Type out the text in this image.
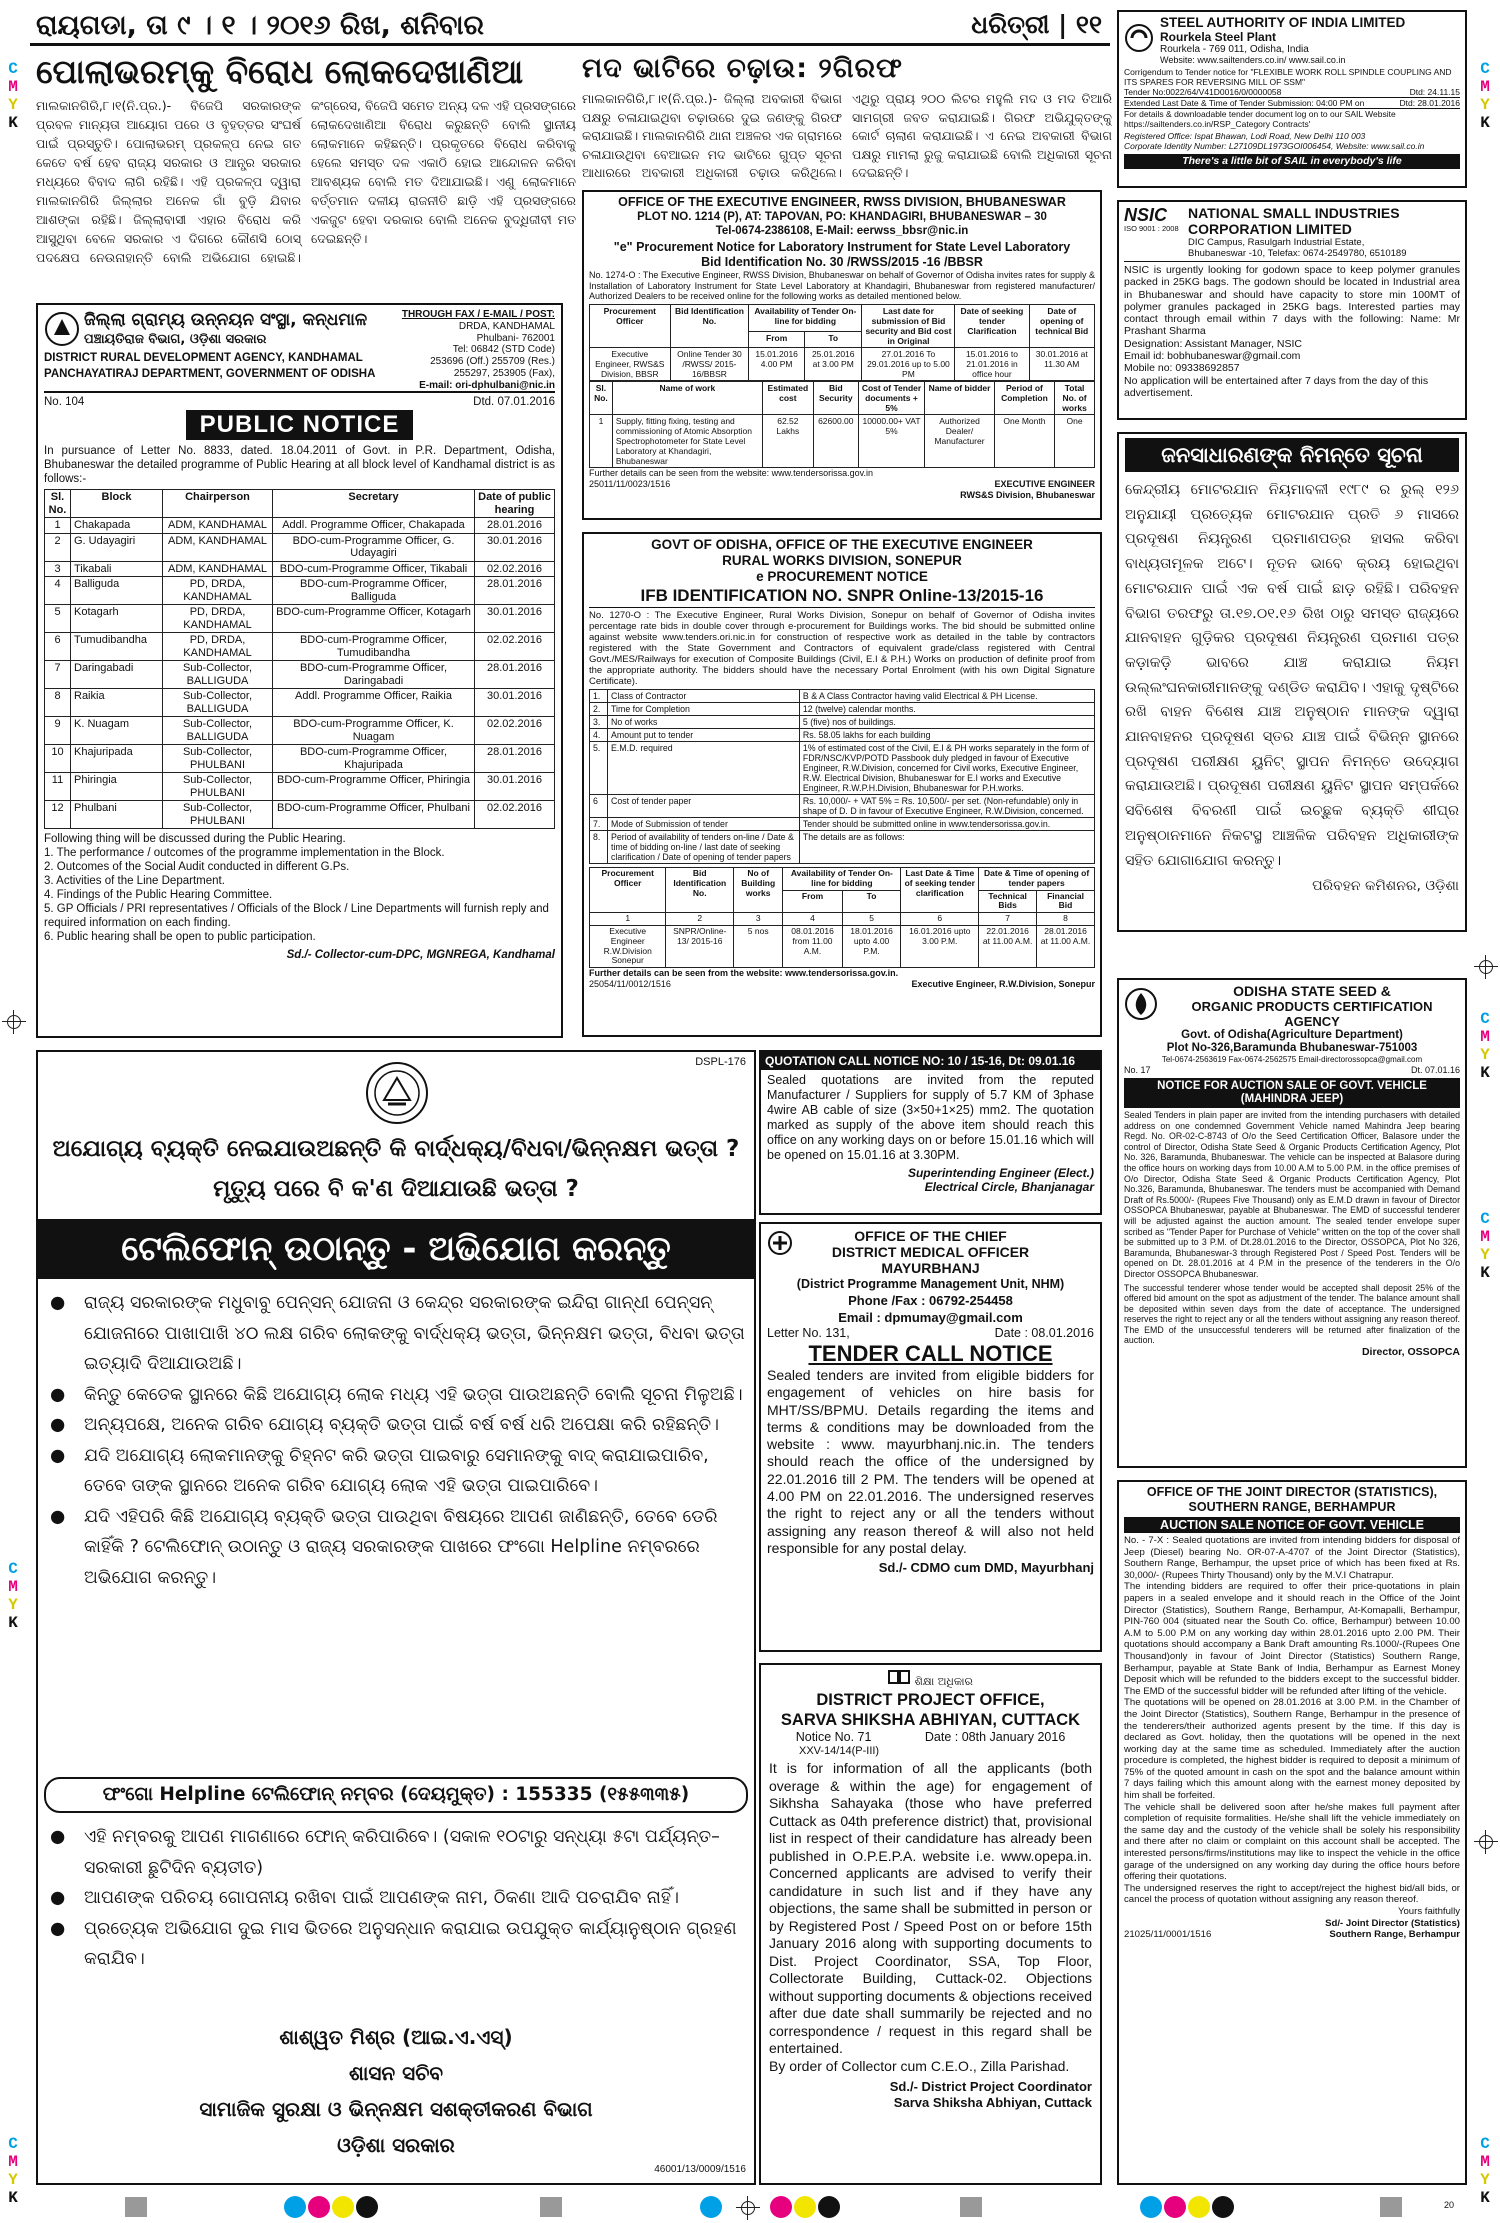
ରାୟଗଡା, ତା ୯ । ୧ । ୨୦୧୬ ରିଖ, ଶନିବାର	ଧରିତ୍ରୀ | ୧୧
C
M
Y
K
C
M
Y
K
C
M
Y
K
C
M
Y
K
C
M
Y
K
C
M
Y
K
C
M
Y
K
ପୋଲାଭରମ୍‌କୁ ବିରୋଧ ଲୋକଦେଖାଣିଆ
ମାଲକାନଗିରି,୮।୧(ନି.ପ୍ର.)- ବିଜେପି ସରକାରଙ୍କ ପ୍ରବଳ ମାନ୍ୟତା ଆୟୋଗ ପରେ ଓ ବୃହତ୍ତର ସଂଘର୍ଷ ପାଇଁ ପ୍ରସ୍ତୁତି। ପୋଲାଭରମ୍ ପ୍ରକଳ୍ପ ନେଇ ଗତ କେତେ ବର୍ଷ ହେବ ରାଜ୍ୟ ସରକାର ଓ ଆନ୍ଧ୍ର ସରକାର ମଧ୍ୟରେ ବିବାଦ ଲାଗି ରହିଛି। ଏହି ପ୍ରକଳ୍ପ ଦ୍ୱାରା ମାଲକାନଗିରି ଜିଲ୍ଲାର ଅନେକ ଗାଁ ବୁଡ଼ି ଯିବାର ଆଶଙ୍କା ରହିଛି। ଜିଲ୍ଲାବାସୀ ଏହାର ବିରୋଧ କରି ଆସୁଥିବା ବେଳେ ସରକାର ଏ ଦିଗରେ କୌଣସି ଠୋସ୍ ପଦକ୍ଷେପ ନେଉନାହାନ୍ତି ବୋଲି ଅଭିଯୋଗ ହୋଇଛି। କଂଗ୍ରେସ, ବିଜେପି ସମେତ ଅନ୍ୟ ଦଳ ଏହି ପ୍ରସଙ୍ଗରେ ଲୋକଦେଖାଣିଆ ବିରୋଧ କରୁଛନ୍ତି ବୋଲି ସ୍ଥାନୀୟ ଲୋକମାନେ କହିଛନ୍ତି। ପ୍ରକୃତରେ ବିରୋଧ କରିବାକୁ ହେଲେ ସମସ୍ତ ଦଳ ଏକାଠି ହୋଇ ଆନ୍ଦୋଳନ କରିବା ଆବଶ୍ୟକ ବୋଲି ମତ ଦିଆଯାଇଛି। ଏଣୁ ଲୋକମାନେ ବର୍ତ୍ତମାନ ଦଳୀୟ ରାଜନୀତି ଛାଡ଼ି ଏହି ପ୍ରସଙ୍ଗରେ ଏକଜୁଟ ହେବା ଦରକାର ବୋଲି ଅନେକ ବୁଦ୍ଧିଜୀବୀ ମତ ଦେଇଛନ୍ତି।
ମଦ ଭାଟିରେ ଚଢ଼ାଉ: ୨ଗିରଫ
ମାଲକାନଗିରି,୮।୧(ନି.ପ୍ର.)- ଜିଲ୍ଲା ଅବକାରୀ ବିଭାଗ ପକ୍ଷରୁ ଚଳାଯାଇଥିବା ଚଢ଼ାଉରେ ଦୁଇ ଜଣଙ୍କୁ ଗିରଫ କରାଯାଇଛି। ମାଲକାନଗିରି ଥାନା ଅଞ୍ଚଳର ଏକ ଗ୍ରାମରେ ଚଳାଯାଉଥିବା ବେଆଇନ ମଦ ଭାଟିରେ ଗୁପ୍ତ ସୂଚନା ଆଧାରରେ ଅବକାରୀ ଅଧିକାରୀ ଚଢ଼ାଉ କରିଥିଲେ। ଏଥିରୁ ପ୍ରାୟ ୨୦୦ ଲିଟର ମହୁଲି ମଦ ଓ ମଦ ତିଆରି ସାମଗ୍ରୀ ଜବତ କରାଯାଇଛି। ଗିରଫ ଅଭିଯୁକ୍ତଙ୍କୁ କୋର୍ଟ ଚାଲାଣ କରାଯାଇଛି। ଏ ନେଇ ଅବକାରୀ ବିଭାଗ ପକ୍ଷରୁ ମାମଲା ରୁଜୁ କରାଯାଇଛି ବୋଲି ଅଧିକାରୀ ସୂଚନା ଦେଇଛନ୍ତି।
ଜିଲ୍ଲା ଗ୍ରାମ୍ୟ ଉନ୍ନୟନ ସଂସ୍ଥା, କନ୍ଧମାଳ
ପଞ୍ଚାୟତିରାଜ ବିଭାଗ, ଓଡ଼ିଶା ସରକାର
DISTRICT RURAL DEVELOPMENT AGENCY, KANDHAMAL
PANCHAYATIRAJ DEPARTMENT, GOVERNMENT OF ODISHA
THROUGH FAX / E-MAIL / POST:
DRDA, KANDHAMAL
Phulbani- 762001
Tel: 06842 (STD Code)
253696 (Off.) 255709 (Res.)
255297, 253905 (Fax),
E-mail: ori-dphulbani@nic.in
No. 104	Dtd. 07.01.2016
PUBLIC NOTICE
In pursuance of Letter No. 8833, dated. 18.04.2011 of Govt. in P.R. Department, Odisha, Bhubaneswar the detailed programme of Public Hearing at all block level of Kandhamal district is as follows:-
Sl. No.	Block	Chairperson	Secretary	Date of public hearing
1	Chakapada	ADM, KANDHAMAL	Addl. Programme Officer, Chakapada	28.01.2016
2	G. Udayagiri	ADM, KANDHAMAL	BDO-cum-Programme Officer, G. Udayagiri	30.01.2016
3	Tikabali	ADM, KANDHAMAL	BDO-cum-Programme Officer, Tikabali	02.02.2016
4	Balliguda	PD, DRDA, KANDHAMAL	BDO-cum-Programme Officer, Balliguda	28.01.2016
5	Kotagarh	PD, DRDA, KANDHAMAL	BDO-cum-Programme Officer, Kotagarh	30.01.2016
6	Tumudibandha	PD, DRDA, KANDHAMAL	BDO-cum-Programme Officer, Tumudibandha	02.02.2016
7	Daringabadi	Sub-Collector, BALLIGUDA	BDO-cum-Programme Officer, Daringabadi	28.01.2016
8	Raikia	Sub-Collector, BALLIGUDA	Addl. Programme Officer, Raikia	30.01.2016
9	K. Nuagam	Sub-Collector, BALLIGUDA	BDO-cum-Programme Officer, K. Nuagam	02.02.2016
10	Khajuripada	Sub-Collector, PHULBANI	BDO-cum-Programme Officer, Khajuripada	28.01.2016
11	Phiringia	Sub-Collector, PHULBANI	BDO-cum-Programme Officer, Phiringia	30.01.2016
12	Phulbani	Sub-Collector, PHULBANI	BDO-cum-Programme Officer, Phulbani	02.02.2016
Following thing will be discussed during the Public Hearing.
1. The performance / outcomes of the programme implementation in the Block.
2. Outcomes of the Social Audit conducted in different G.Ps.
3. Activities of the Line Department.
4. Findings of the Public Hearing Committee.
5. GP Officials / PRI representatives / Officials of the Block / Line Departments will furnish reply and required information on each finding.
6. Public hearing shall be open to public participation.
Sd./- Collector-cum-DPC, MGNREGA, Kandhamal
OFFICE OF THE EXECUTIVE ENGINEER, RWSS DIVISION, BHUBANESWAR
PLOT NO. 1214 (P), AT: TAPOVAN, PO: KHANDAGIRI, BHUBANESWAR – 30
Tel-0674-2386108, E-Mail: eerwss_bbsr@nic.in
"e" Procurement Notice for Laboratory Instrument for State Level Laboratory
Bid Identification No. 30 /RWSS/2015 -16 /BBSR
No. 1274-O : The Executive Engineer, RWSS Division, Bhubaneswar on behalf of Governor of Odisha invites rates for supply & Installation of Laboratory Instrument for State Level Laboratory at Khandagiri, Bhubaneswar from registered manufacturer/ Authorized Dealers to be received online for the following works as detailed mentioned below.
Procurement Officer	Bid Identification No.	Availability of Tender On-line for bidding		Last date for submission of Bid security and Bid cost in Original	Date of seeking tender Clarification	Date of opening of technical Bid
		From	To			
Executive Engineer, RWS&S Division, BBSR	Online Tender 30 /RWSS/ 2015-16/BBSR	15.01.2016 4.00 PM	25.01.2016 at 3.00 PM	27.01.2016 To 29.01.2016 up to 5.00 PM	15.01.2016 to 21.01.2016 in office hour	30.01.2016 at 11.30 AM
Sl. No.	Name of work	Estimated cost	Bid Security	Cost of Tender documents + 5%	Name of bidder	Period of Completion	Total No. of works
1	Supply, fitting fixing, testing and commissioning of Atomic Absorption Spectrophotometer for State Level Laboratory at Khandagiri, Bhubaneswar	62.52 Lakhs	62600.00	10000.00+ VAT 5%	Authorized Dealer/ Manufacturer	One Month	One
Further details can be seen from the website: www.tendersorissa.gov.in
25011/11/0023/1516	EXECUTIVE ENGINEER
RWS&S Division, Bhubaneswar
GOVT OF ODISHA, OFFICE OF THE EXECUTIVE ENGINEER
RURAL WORKS DIVISION, SONEPUR
e PROCUREMENT NOTICE
IFB IDENTIFICATION NO. SNPR Online-13/2015-16
No. 1270-O : The Executive Engineer, Rural Works Division, Sonepur on behalf of Governor of Odisha invites percentage rate bids in double cover through e-procurement for Buildings works. The bid should be submitted online against website www.tenders.ori.nic.in for construction of respective work as detailed in the table by contractors registered with the State Government and Contractors of equivalent grade/class registered with Central Govt./MES/Railways for execution of Composite Buildings (Civil, E.I & P.H.) Works on production of definite proof from the appropriate authority. The bidders should have the necessary Portal Enrolment (with his own Digital Signature Certificate).
1.	Class of Contractor	B & A Class Contractor having valid Electrical & PH License.
2.	Time for Completion	12 (twelve) calendar months.
3.	No of works	5 (five) nos of buildings.
4.	Amount put to tender	Rs. 58.05 lakhs for each building
5.	E.M.D. required	1% of estimated cost of the Civil, E.I & PH works separately in the form of FDR/NSC/KVP/POTD Passbook duly pledged in favour of Executive Engineer, R.W.Division, concerned for Civil works, Executive Engineer, R.W. Electrical Division, Bhubaneswar for E.I works and Executive Engineer, R.W.P.H.Division, Bhubaneswar for P.H.works.
6	Cost of tender paper	Rs. 10,000/- + VAT 5% = Rs. 10,500/- per set. (Non-refundable) only in shape of D. D in favour of Executive Engineer, R.W.Division, concerned.
7.	Mode of Submission of tender	Tender should be submitted online in www.tendersorissa.gov.in.
8.	Period of availability of tenders on-line / Date & time of bidding on-line / last date of seeking clarification / Date of opening of tender papers	The details are as follows:
Procurement Officer	Bid Identification No.	No of Building works	Availability of Tender On-line for bidding		Last Date & Time of seeking tender clarification	Date & Time of opening of tender papers	
			From	To		Technical Bids	Financial Bid
1	2	3	4	5	6	7	8
Executive Engineer R.W.Division Sonepur	SNPR/Online-13/ 2015-16	5 nos	08.01.2016 from 11.00 A.M.	18.01.2016 upto 4.00 P.M.	16.01.2016 upto 3.00 P.M.	22.01.2016 at 11.00 A.M.	28.01.2016 at 11.00 A.M.
Further details can be seen from the website: www.tendersorissa.gov.in.
25054/11/0012/1516	Executive Engineer, R.W.Division, Sonepur
STEEL AUTHORITY OF INDIA LIMITED
Rourkela Steel Plant
Rourkela - 769 011, Odisha, India
Website: www.sailtenders.co.in/ www.sail.co.in
Corrigendum to Tender notice for "FLEXIBLE WORK ROLL SPINDLE COUPLING AND ITS SPARES FOR REVERSING MILL OF SSM"
Tender No:0022/64/V41D0016/0/0000058	Dtd: 24.11.15
Extended Last Date & Time of Tender Submission: 04:00 PM on	Dtd: 28.01.2016
For details & downloadable tender document log on to our SAIL Website https://sailtenders.co.in/RSP_Category Contracts'
Registered Office: Ispat Bhawan, Lodi Road, New Delhi 110 003
Corporate Identity Number: L27109DL1973GOI006454, Website: www.sail.co.in
There's a little bit of SAIL in everybody's life
NSIC
ISO 9001 : 2008
NATIONAL SMALL INDUSTRIES
CORPORATION LIMITED
DIC Campus, Rasulgarh Industrial Estate,
Bhubaneswar -10, Telefax: 0674-2549780, 6510189
NSIC is urgently looking for godown space to keep polymer granules packed in 25KG bags. The godown should be located in Industrial area in Bhubaneswar and should have capacity to store min 100MT of polymer granules packaged in 25KG bags. Interested parties may contact through email within 7 days with the following: Name: Mr Prashant Sharma
Designation: Assistant Manager, NSIC
Email id: bobhubaneswar@gmail.com
Mobile no: 09338692857
No application will be entertained after 7 days from the day of this advertisement.
ଜନସାଧାରଣଙ୍କ ନିମନ୍ତେ ସୂଚନା
କେନ୍ଦ୍ରୀୟ ମୋଟରଯାନ ନିୟମାବଳୀ ୧୯୮୯ ର ରୁଲ୍ ୧୨୬ ଅନୁଯାୟୀ ପ୍ରତ୍ୟେକ ମୋଟରଯାନ ପ୍ରତି ୬ ମାସରେ ପ୍ରଦୂଷଣ ନିୟନ୍ତ୍ରଣ ପ୍ରମାଣପତ୍ର ହାସଲ କରିବା ବାଧ୍ୟତାମୂଳକ ଅଟେ। ନୂତନ ଭାବେ କ୍ରୟ ହୋଇଥିବା ମୋଟରଯାନ ପାଇଁ ଏକ ବର୍ଷ ପାଇଁ ଛାଡ଼ ରହିଛି। ପରିବହନ ବିଭାଗ ତରଫରୁ ତା.୧୭.୦୧.୧୬ ରିଖ ଠାରୁ ସମସ୍ତ ରାଜ୍ୟରେ ଯାନବାହନ ଗୁଡ଼ିକର ପ୍ରଦୂଷଣ ନିୟନ୍ତ୍ରଣ ପ୍ରମାଣ ପତ୍ର କଡ଼ାକଡ଼ି ଭାବରେ ଯାଞ୍ଚ କରାଯାଇ ନିୟମ ଉଲ୍ଲଂଘନକାରୀମାନଙ୍କୁ ଦଣ୍ଡିତ କରାଯିବ। ଏହାକୁ ଦୃଷ୍ଟିରେ ରଖି ବାହନ ବିଶେଷ ଯାଞ୍ଚ ଅନୁଷ୍ଠାନ ମାନଙ୍କ ଦ୍ୱାରା ଯାନବାହନର ପ୍ରଦୂଷଣ ସ୍ତର ଯାଞ୍ଚ ପାଇଁ ବିଭିନ୍ନ ସ୍ଥାନରେ ପ୍ରଦୂଷଣ ପରୀକ୍ଷଣ ୟୁନିଟ୍ ସ୍ଥାପନ ନିମନ୍ତେ ଉଦ୍ୟୋଗ କରାଯାଉଅଛି। ପ୍ରଦୂଷଣ ପରୀକ୍ଷଣ ୟୁନିଟ ସ୍ଥାପନ ସମ୍ପର୍କରେ ସବିଶେଷ ବିବରଣୀ ପାଇଁ ଇଚ୍ଛୁକ ବ୍ୟକ୍ତି ଶୀଘ୍ର ଅନୁଷ୍ଠାନମାନେ ନିକଟସ୍ଥ ଆଞ୍ଚଳିକ ପରିବହନ ଅଧିକାରୀଙ୍କ ସହିତ ଯୋଗାଯୋଗ କରନ୍ତୁ।
ପରିବହନ କମିଶନର, ଓଡ଼ିଶା
ODISHA STATE SEED &
ORGANIC PRODUCTS CERTIFICATION AGENCY
Govt. of Odisha(Agriculture Department)
Plot No-326,Baramunda Bhubaneswar-751003
Tel-0674-2563619 Fax-0674-2562575 Email-directorossopca@gmail.com
No. 17	Dt. 07.01.16
NOTICE FOR AUCTION SALE OF GOVT. VEHICLE (MAHINDRA JEEP)
Sealed Tenders in plain paper are invited from the intending purchasers with detailed address on one condemned Government Vehicle named Mahindra Jeep bearing Regd. No. OR-02-C-8743 of O/o the Seed Certification Officer, Balasore under the control of Director, Odisha State Seed & Organic Products Certification Agency, Plot No. 326, Baramunda, Bhubaneswar. The vehicle can be inspected at Balasore during the office hours on working days from 10.00 A.M to 5.00 P.M. in the office premises of O/o Director, Odisha State Seed & Organic Products Certification Agency, Plot No.326, Baramunda, Bhubaneswar. The tenders must be accompanied with Demand Draft of Rs.5000/- (Rupees Five Thousand) only as E.M.D drawn in favour of Director OSSOPCA Bhubaneswar, payable at Bhubaneswar. The EMD of successful tenderer will be adjusted against the auction amount. The sealed tender envelope super scribed as "Tender Paper for Purchase of Vehicle" written on the top of the cover shall be submitted up to 3 P.M. of Dt.28.01.2016 to the Director, OSSOPCA, Plot No 326, Baramunda, Bhubaneswar-3 through Registered Post / Speed Post. Tenders will be opened on Dt. 28.01.2016 at 4 P.M in the presence of the tenderers in the O/o Director OSSOPCA Bhubaneswar.
The successful tenderer whose tender would be accepted shall deposit 25% of the offered bid amount on the spot as adjustment of the tender. The balance amount shall be deposited within seven days from the date of acceptance. The undersigned reserves the right to reject any or all the tenders without assigning any reason thereof. The EMD of the unsuccessful tenderers will be returned after finalization of the auction.
Director, OSSOPCA
OFFICE OF THE JOINT DIRECTOR (STATISTICS),
SOUTHERN RANGE, BERHAMPUR
AUCTION SALE NOTICE OF GOVT. VEHICLE
No. - 7-X : Sealed quotations are invited from intending bidders for disposal of Jeep (Diesel) bearing No. OR-07-A-4707 of the Joint Director (Statistics), Southern Range, Berhampur, the upset price of which has been fixed at Rs. 30,000/- (Rupees Thirty Thousand) only by the M.V.I Chatrapur.
The intending bidders are required to offer their price-quotations in plain papers in a sealed envelope and it should reach in the Office of the Joint Director (Statistics), Southern Range, Berhampur, At-Komapalli, Berhampur, PIN-760 004 (situated near the South Co. office, Berhampur) between 10.00 A.M to 5.00 P.M on any working day within 28.01.2016 upto 2.00 PM. Their quotations should accompany a Bank Draft amounting Rs.1000/-(Rupees One Thousand)only in favour of Joint Director (Statistics) Southern Range, Berhampur, payable at State Bank of India, Berhampur as Earnest Money Deposit which will be refunded to the bidders except to the successful bidder. The EMD of the successful bidder will be refunded after lifting of the vehicle.
The quotations will be opened on 28.01.2016 at 3.00 P.M. in the Chamber of the Joint Director (Statistics), Southern Range, Berhampur in the presence of the tenderers/their authorized agents present by the time. If this day is declared as Govt. holiday, then the quotations will be opened in the next working day at the same time as scheduled. Immediately after the auction procedure is completed, the highest bidder is required to deposit a minimum of 75% of the quoted amount in cash on the spot and the balance amount within 7 days failing which this amount along with the earnest money deposited by him shall be forfeited.
The vehicle shall be delivered soon after he/she makes full payment after completion of requisite formalities. He/she shall lift the vehicle immediately on the same day and the custody of the vehicle shall be solely his responsibility and there after no claim or complaint on this account shall be accepted. The interested persons/firms/institutions may like to inspect the vehicle in the office garage of the undersigned on any working day during the office hours before offering their quotations.
The undersigned reserves the right to accept/reject the highest bid/all bids, or cancel the process of quotation without assigning any reason thereof.
Yours faithfully
Sd/- Joint Director (Statistics)
21025/11/0001/1516	Southern Range, Berhampur
DSPL-176
ଅଯୋଗ୍ୟ ବ୍ୟକ୍ତି ନେଇଯାଉଅଛନ୍ତି କି ବାର୍ଦ୍ଧକ୍ୟ/ବିଧବା/ଭିନ୍ନକ୍ଷମ ଭତ୍ତା ?
ମୃତ୍ୟୁ ପରେ ବି କ'ଣ ଦିଆଯାଉଛି ଭତ୍ତା ?
ଟେଲିଫୋନ୍ ଉଠାନ୍ତୁ - ଅଭିଯୋଗ କରନ୍ତୁ
● ରାଜ୍ୟ ସରକାରଙ୍କ ମଧୁବାବୁ ପେନ୍‌ସନ୍ ଯୋଜନା ଓ କେନ୍ଦ୍ର ସରକାରଙ୍କ ଇନ୍ଦିରା ଗାନ୍ଧୀ ପେନ୍‌ସନ୍ ଯୋଜନାରେ ପାଖାପାଖି ୪୦ ଲକ୍ଷ ଗରିବ ଲୋକଙ୍କୁ ବାର୍ଦ୍ଧକ୍ୟ ଭତ୍ତା, ଭିନ୍ନକ୍ଷମ ଭତ୍ତା, ବିଧବା ଭତ୍ତା ଇତ୍ୟାଦି ଦିଆଯାଉଅଛି।
● କିନ୍ତୁ କେତେକ ସ୍ଥାନରେ କିଛି ଅଯୋଗ୍ୟ ଲୋକ ମଧ୍ୟ ଏହି ଭତ୍ତା ପାଉଅଛନ୍ତି ବୋଲି ସୂଚନା ମିଳୁଅଛି।
● ଅନ୍ୟପକ୍ଷେ, ଅନେକ ଗରିବ ଯୋଗ୍ୟ ବ୍ୟକ୍ତି ଭତ୍ତା ପାଇଁ ବର୍ଷ ବର୍ଷ ଧରି ଅପେକ୍ଷା କରି ରହିଛନ୍ତି।
● ଯଦି ଅଯୋଗ୍ୟ ଲୋକମାନଙ୍କୁ ଚିହ୍ନଟ କରି ଭତ୍ତା ପାଇବାରୁ ସେମାନଙ୍କୁ ବାଦ୍ କରାଯାଇପାରିବ, ତେବେ ତାଙ୍କ ସ୍ଥାନରେ ଅନେକ ଗରିବ ଯୋଗ୍ୟ ଲୋକ ଏହି ଭତ୍ତା ପାଇପାରିବେ।
● ଯଦି ଏହିପରି କିଛି ଅଯୋଗ୍ୟ ବ୍ୟକ୍ତି ଭତ୍ତା ପାଉଥିବା ବିଷୟରେ ଆପଣ ଜାଣିଛନ୍ତି, ତେବେ ଡେରି କାହିଁକି ? ଟେଲିଫୋନ୍ ଉଠାନ୍ତୁ ଓ ରାଜ୍ୟ ସରକାରଙ୍କ ପାଖରେ ଫଂଗୋ Helpline ନମ୍ବରରେ ଅଭିଯୋଗ କରନ୍ତୁ।
ଫଂଗୋ Helpline ଟେଲିଫୋନ୍ ନମ୍ବର (ଦେୟମୁକ୍ତ) : 155335 (୧୫୫୩୩୫)
● ଏହି ନମ୍ବରକୁ ଆପଣ ମାଗଣାରେ ଫୋନ୍ କରିପାରିବେ। (ସକାଳ ୧୦ଟାରୁ ସନ୍ଧ୍ୟା ୫ଟା ପର୍ଯ୍ୟନ୍ତ–ସରକାରୀ ଛୁଟିଦିନ ବ୍ୟତୀତ)
● ଆପଣଙ୍କ ପରିଚୟ ଗୋପନୀୟ ରଖିବା ପାଇଁ ଆପଣଙ୍କ ନାମ, ଠିକଣା ଆଦି ପଚରାଯିବ ନାହିଁ।
● ପ୍ରତ୍ୟେକ ଅଭିଯୋଗ ଦୁଇ ମାସ ଭିତରେ ଅନୁସନ୍ଧାନ କରାଯାଇ ଉପଯୁକ୍ତ କାର୍ଯ୍ୟାନୁଷ୍ଠାନ ଗ୍ରହଣ କରାଯିବ।
ଶାଶ୍ୱତ ମିଶ୍ର (ଆଇ.ଏ.ଏସ୍)
ଶାସନ ସଚିବ
ସାମାଜିକ ସୁରକ୍ଷା ଓ ଭିନ୍ନକ୍ଷମ ସଶକ୍ତୀକରଣ ବିଭାଗ
ଓଡ଼ିଶା ସରକାର
46001/13/0009/1516
QUOTATION CALL NOTICE NO: 10 / 15-16, Dt: 09.01.16
Sealed quotations are invited from the reputed Manufacturer / Suppliers for supply of 5.7 KM of 3phase 4wire AB cable of size (3×50+1×25) mm2. The quotation marked as supply of the above item should reach this office on any working days on or before 15.01.16 which will be opened on 15.01.16 at 3.30PM.
Superintending Engineer (Elect.)
Electrical Circle, Bhanjanagar
OFFICE OF THE CHIEF
DISTRICT MEDICAL OFFICER
MAYURBHANJ
(District Programme Management Unit, NHM)
Phone /Fax : 06792-254458
Email : dpmumay@gmail.com
Letter No. 131,	Date : 08.01.2016
TENDER CALL NOTICE
Sealed tenders are invited from eligible bidders for engagement of vehicles on hire basis for MHT/SS/BPMU. Details regarding the items and terms & conditions may be downloaded from the website : www. mayurbhanj.nic.in. The tenders should reach the office of the undersigned by 22.01.2016 till 2 PM. The tenders will be opened at 4.00 PM on 22.01.2016. The undersigned reserves the right to reject any or all the tenders without assigning any reason thereof & will also not held responsible for any postal delay.
Sd./- CDMO cum DMD, Mayurbhanj
ଶିକ୍ଷା ଅଧିକାର
DISTRICT PROJECT OFFICE,
SARVA SHIKSHA ABHIYAN, CUTTACK
Notice No. 71	Date : 08th January 2016
XXV-14/14(P-III)
It is for information of all the applicants (both overage & within the age) for engagement of Sikhsha Sahayaka (those who have preferred Cuttack as 04th preference district) that, provisional list in respect of their candidature has already been published in O.P.E.P.A. website i.e. www.opepa.in. Concerned applicants are advised to verify their candidature in such list and if they have any objections, the same shall be submitted in person or by Registered Post / Speed Post on or before 15th January 2016 along with supporting documents to Dist. Project Coordinator, SSA, Top Floor, Collectorate Building, Cuttack-02. Objections without supporting documents & objections received after due date shall summarily be rejected and no correspondence / request in this regard shall be entertained.
By order of Collector cum C.E.O., Zilla Parishad.
Sd./- District Project Coordinator
Sarva Shiksha Abhiyan, Cuttack
20
